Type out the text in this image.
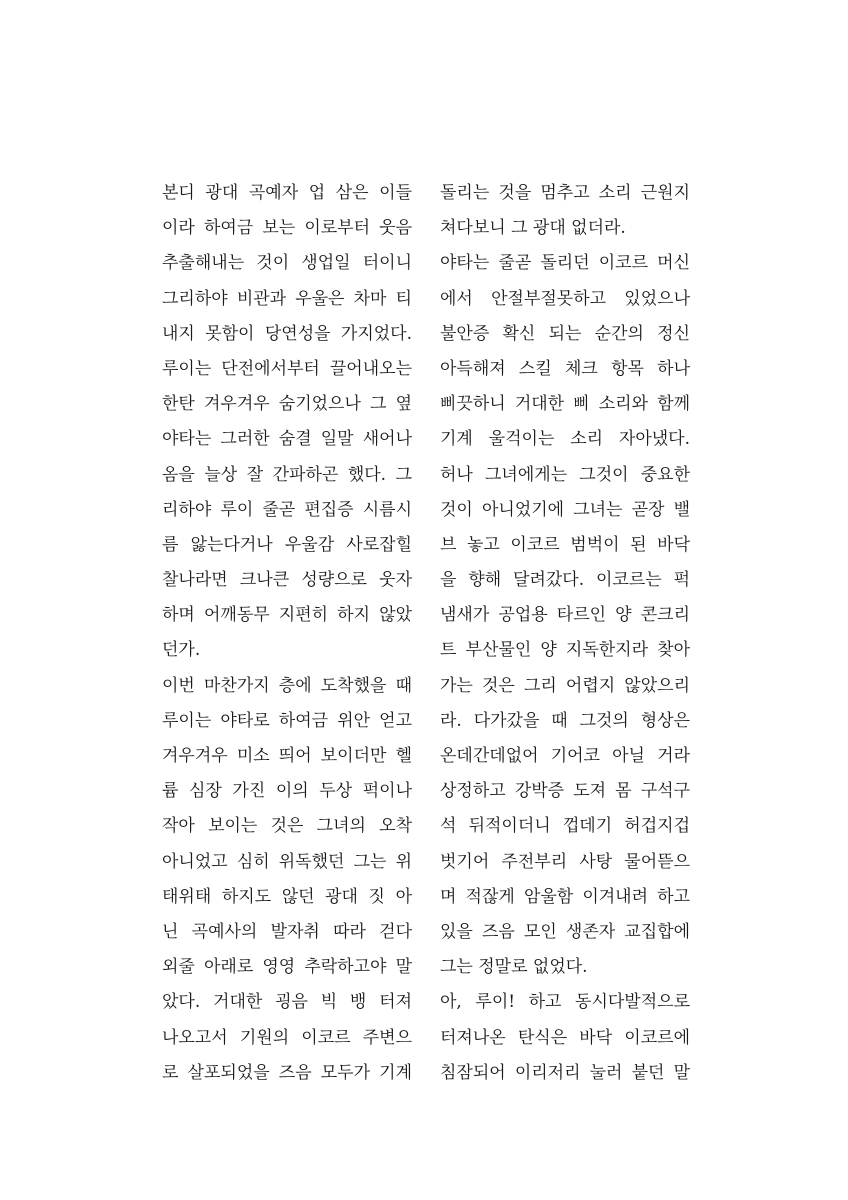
본디 광대 곡예자 업 삼은 이들
이라 하여금 보는 이로부터 웃음
추출해내는 것이 생업일 터이니
그리하야 비관과 우울은 차마 티
내지 못함이 당연성을 가지었다.
루이는 단전에서부터 끌어내오는
한탄 겨우겨우 숨기었으나 그 옆
야타는 그러한 숨결 일말 새어나
옴을 늘상 잘 간파하곤 했다. 그
리하야 루이 줄곧 편집증 시름시
름 앓는다거나 우울감 사로잡힐
찰나라면 크나큰 성량으로 웃자
하며 어깨동무 지편히 하지 않았
던가.
이번 마찬가지 층에 도착했을 때
루이는 야타로 하여금 위안 얻고
겨우겨우 미소 띄어 보이더만 헬
륨 심장 가진 이의 두상 퍽이나
작아 보이는 것은 그녀의 오착
아니었고 심히 위독했던 그는 위
태위태 하지도 않던 광대 짓 아
닌 곡예사의 발자취 따라 걷다
외줄 아래로 영영 추락하고야 말
았다. 거대한 굉음 빅 뱅 터져
나오고서 기원의 이코르 주변으
로 살포되었을 즈음 모두가 기계
돌리는 것을 멈추고 소리 근원지
쳐다보니 그 광대 없더라.
야타는 줄곧 돌리던 이코르 머신
에서 안절부절못하고 있었으나
불안증 확신 되는 순간의 정신
아득해져 스킬 체크 항목 하나
삐끗하니 거대한 삐 소리와 함께
기계 울걱이는 소리 자아냈다.
허나 그녀에게는 그것이 중요한
것이 아니었기에 그녀는 곧장 밸
브 놓고 이코르 범벅이 된 바닥
을 향해 달려갔다. 이코르는 퍽
냄새가 공업용 타르인 양 콘크리
트 부산물인 양 지독한지라 찾아
가는 것은 그리 어렵지 않았으리
라. 다가갔을 때 그것의 형상은
온데간데없어 기어코 아닐 거라
상정하고 강박증 도져 몸 구석구
석 뒤적이더니 껍데기 허겁지겁
벗기어 주전부리 사탕 물어뜯으
며 적잖게 암울함 이겨내려 하고
있을 즈음 모인 생존자 교집합에
그는 정말로 없었다.
아, 루이! 하고 동시다발적으로
터져나온 탄식은 바닥 이코르에
침잠되어 이리저리 눌러 붙던 말
